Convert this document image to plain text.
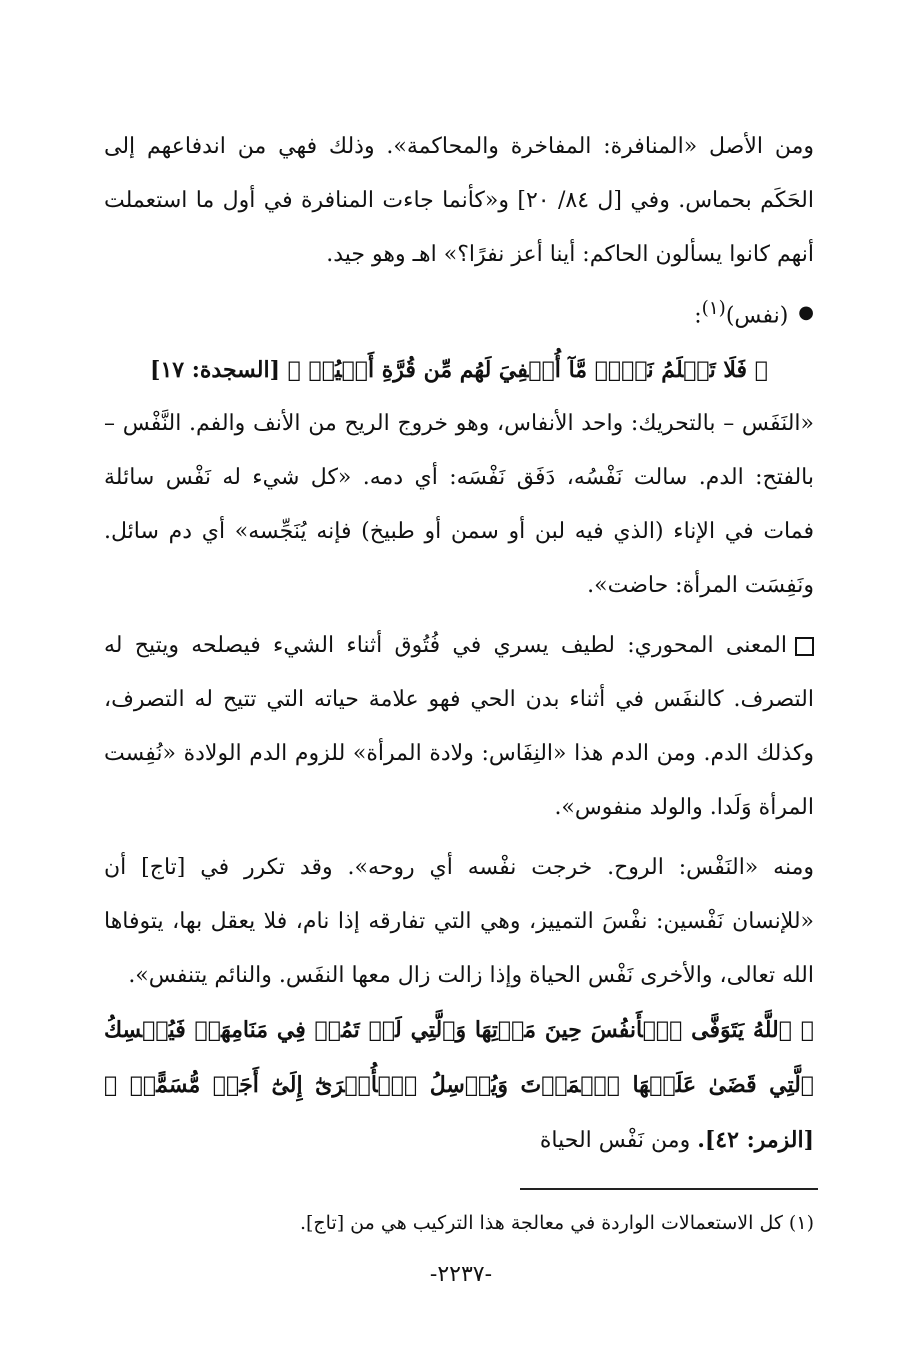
ومن الأصل «المنافرة: المفاخرة والمحاكمة». وذلك فهي من اندفاعهم إلى الحَكَم بحماس. وفي [ل ٨٤/ ٢٠] و«كأنما جاءت المنافرة في أول ما استعملت أنهم كانوا يسألون الحاكم: أينا أعز نفرًا؟» اهـ وهو جيد.

●
(نفس)$^{(١)}$:

﴿ فَلَا تَعۡلَمُ نَفۡسٞ مَّآ أُخۡفِيَ لَهُم مِّن قُرَّةِ أَعۡيُنٖ ﴾ [السجدة: ١٧]

«النَفَس – بالتحريك: واحد الأنفاس، وهو خروج الريح من الأنف والفم. النَّفْس – بالفتح: الدم. سالت نَفْسُه، دَفَق نَفْسَه: أي دمه. «كل شيء له نَفْس سائلة فمات في الإناء (الذي فيه لبن أو سمن أو طبيخ) فإنه يُنَجِّسه» أي دم سائل. ونَفِسَت المرأة: حاضت».

المعنى المحوري: لطيف يسري في فُتُوق أثناء الشيء فيصلحه ويتيح له التصرف. كالنفَس في أثناء بدن الحي فهو علامة حياته التي تتيح له التصرف، وكذلك الدم. ومن الدم هذا «النِفَاس: ولادة المرأة» للزوم الدم الولادة «نُفِست المرأة وَلَدا. والولد منفوس».

ومنه «النَفْس: الروح. خرجت نفْسه أي روحه». وقد تكرر في [تاج] أن «للإنسان نَفْسين: نفْسَ التمييز، وهي التي تفارقه إذا نام، فلا يعقل بها، يتوفاها الله تعالى، والأخرى نَفْس الحياة وإذا زالت زال معها النفَس. والنائم يتنفس».

﴿ ٱللَّهُ يَتَوَفَّى ٱلۡأَنفُسَ حِينَ مَوۡتِهَا وَٱلَّتِي لَمۡ تَمُتۡ فِي مَنَامِهَاۖ فَيُمۡسِكُ ٱلَّتِي قَضَىٰ عَلَيۡهَا ٱلۡمَوۡتَ وَيُرۡسِلُ ٱلۡأُخۡرَىٰٓ إِلَىٰٓ أَجَلٖ مُّسَمًّىۚ ﴾ [الزمر: ٤٢]. ومن نَفْس الحياة

(١) كل الاستعمالات الواردة في معالجة هذا التركيب هي من [تاج].
-٢٢٣٧-
